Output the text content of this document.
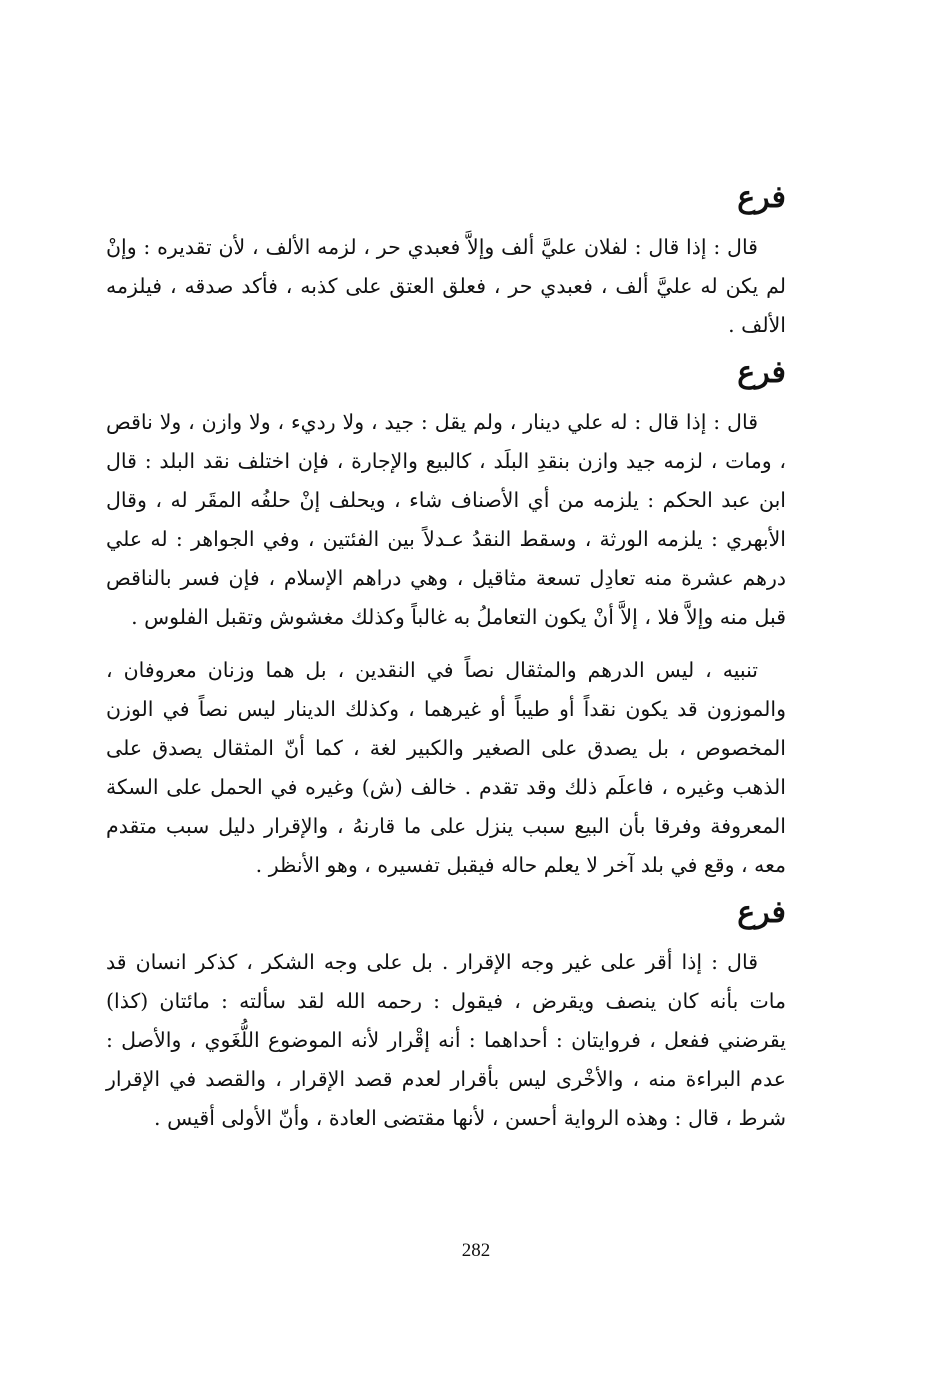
فرع

قال : إذا قال : لفلان عليَّ ألف وإلاَّ فعبدي حر ، لزمه الألف ، لأن تقديره : وإنْ لم يكن له عليَّ ألف ، فعبدي حر ، فعلق العتق على كذبه ، فأكد صدقه ، فيلزمه الألف .

فرع

قال : إذا قال : له علي دينار ، ولم يقل : جيد ، ولا رديء ، ولا وازن ، ولا ناقص ، ومات ، لزمه جيد وازن بنقدِ البلَد ، كالبيع والإجارة ، فإن اختلف نقد البلد : قال ابن عبد الحكم : يلزمه من أي الأصناف شاء ، ويحلف إنْ حلفُه المقَر له ، وقال الأبهري : يلزمه الورثة ، وسقط النقدُ عـدلاً بين الفئتين ، وفي الجواهر : له علي درهم عشرة منه تعادِل تسعة مثاقيل ، وهي دراهم الإسلام ، فإن فسر بالناقص قبل منه وإلاَّ فلا ، إلاَّ أنْ يكون التعاملُ به غالباً وكذلك مغشوش وتقبل الفلوس .

تنبيه ، ليس الدرهم والمثقال نصاً في النقدين ، بل هما وزنان معروفان ، والموزون قد يكون نقداً أو طيباً أو غيرهما ، وكذلك الدينار ليس نصاً في الوزن المخصوص ، بل يصدق على الصغير والكبير لغة ، كما أنّ المثقال يصدق على الذهب وغيره ، فاعلَم ذلك وقد تقدم . خالف (ش) وغيره في الحمل على السكة المعروفة وفرقا بأن البيع سبب ينزل على ما قارنهُ ، والإقرار دليل سبب متقدم معه ، وقع في بلد آخر لا يعلم حاله فيقبل تفسيره ، وهو الأنظر .

فرع

قال : إذا أقر على غير وجه الإقرار . بل على وجه الشكر ، كذكر انسان قد مات بأنه كان ينصف ويقرض ، فيقول : رحمه الله لقد سألته : مائتان (كذا) يقرضني ففعل ، فروايتان : أحداهما : أنه إقْرار لأنه الموضوع اللُّغَوي ، والأصل : عدم البراءة منه ، والأخْرى ليس بأقرار لعدم قصد الإقرار ، والقصد في الإقرار شرط ، قال : وهذه الرواية أحسن ، لأنها مقتضى العادة ، وأنّ الأولى أقيس .

282
